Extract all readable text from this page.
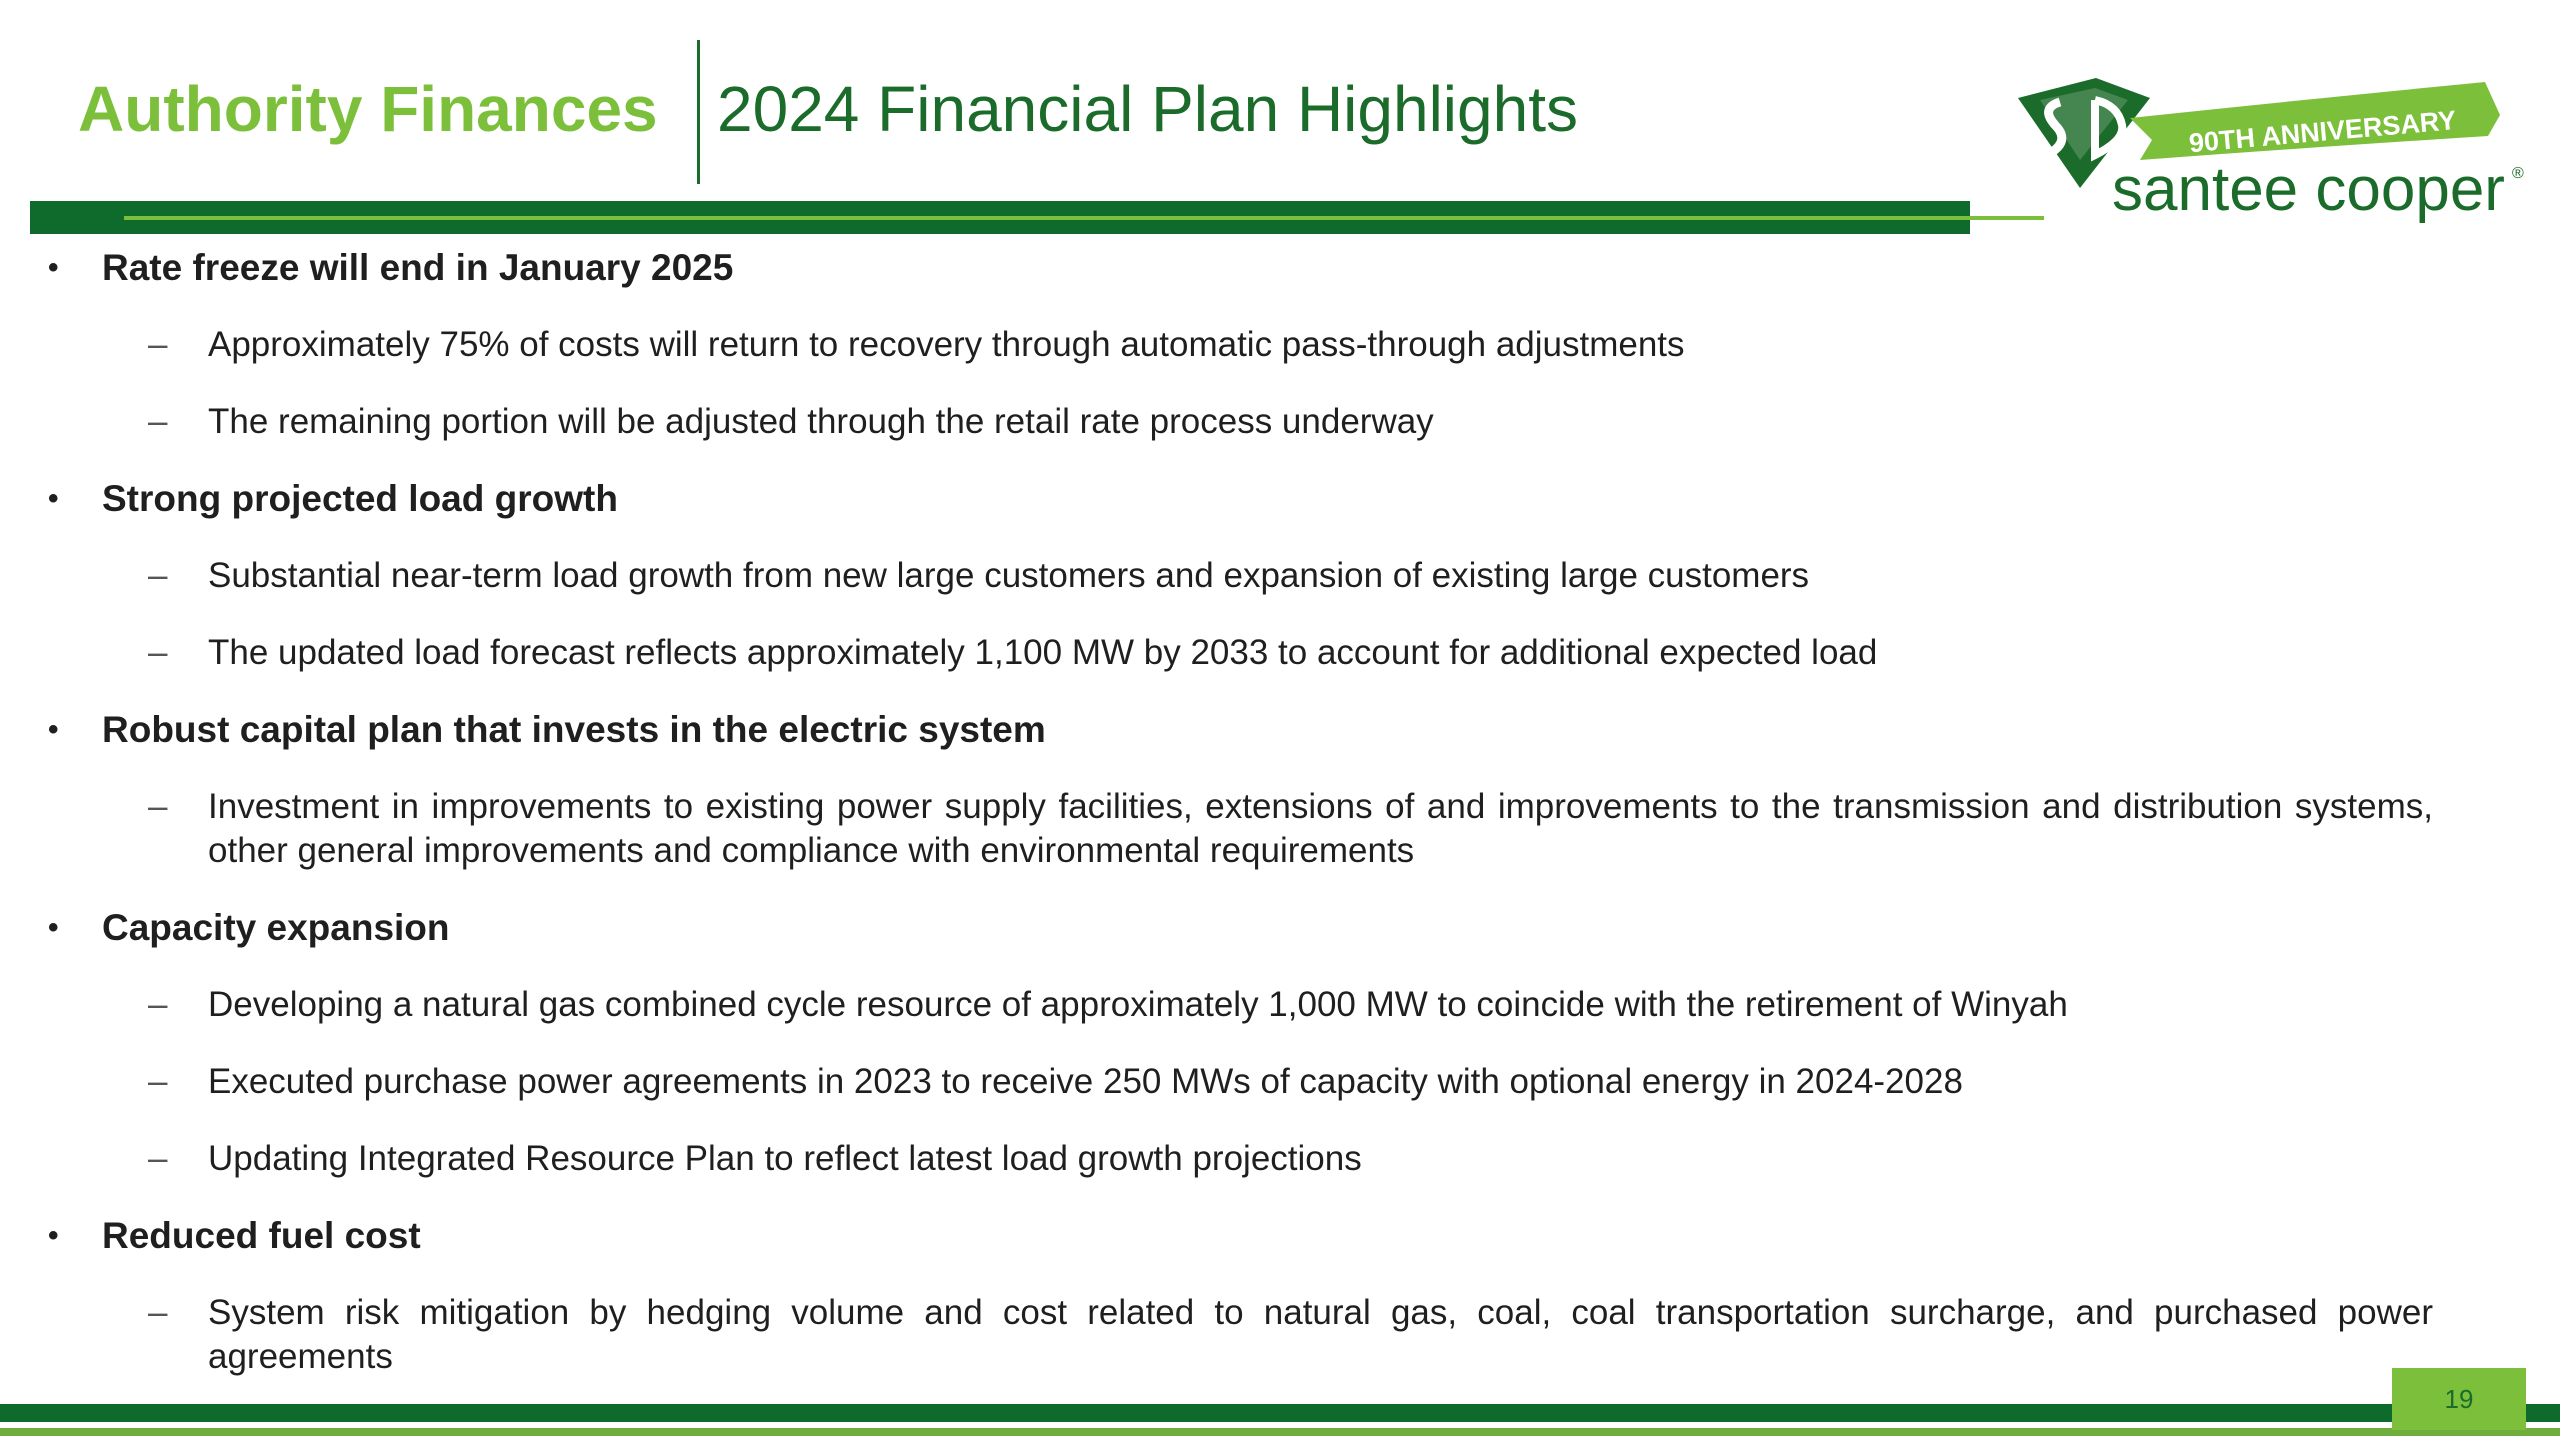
Authority Finances 2024 Financial Plan Highlights	90TH ANNIVERSARY
santee cooper ®
• Rate freeze will end in January 2025
– Approximately 75% of costs will return to recovery through automatic pass-through adjustments
– The remaining portion will be adjusted through the retail rate process underway
• Strong projected load growth
– Substantial near-term load growth from new large customers and expansion of existing large customers
– The updated load forecast reflects approximately 1,100 MW by 2033 to account for additional expected load
• Robust capital plan that invests in the electric system
– Investment in improvements to existing power supply facilities, extensions of and improvements to the transmission and distribution systems, other general improvements and compliance with environmental requirements
• Capacity expansion
– Developing a natural gas combined cycle resource of approximately 1,000 MW to coincide with the retirement of Winyah
– Executed purchase power agreements in 2023 to receive 250 MWs of capacity with optional energy in 2024-2028
– Updating Integrated Resource Plan to reflect latest load growth projections
• Reduced fuel cost
– System risk mitigation by hedging volume and cost related to natural gas, coal, coal transportation surcharge, and purchased power agreements
19
